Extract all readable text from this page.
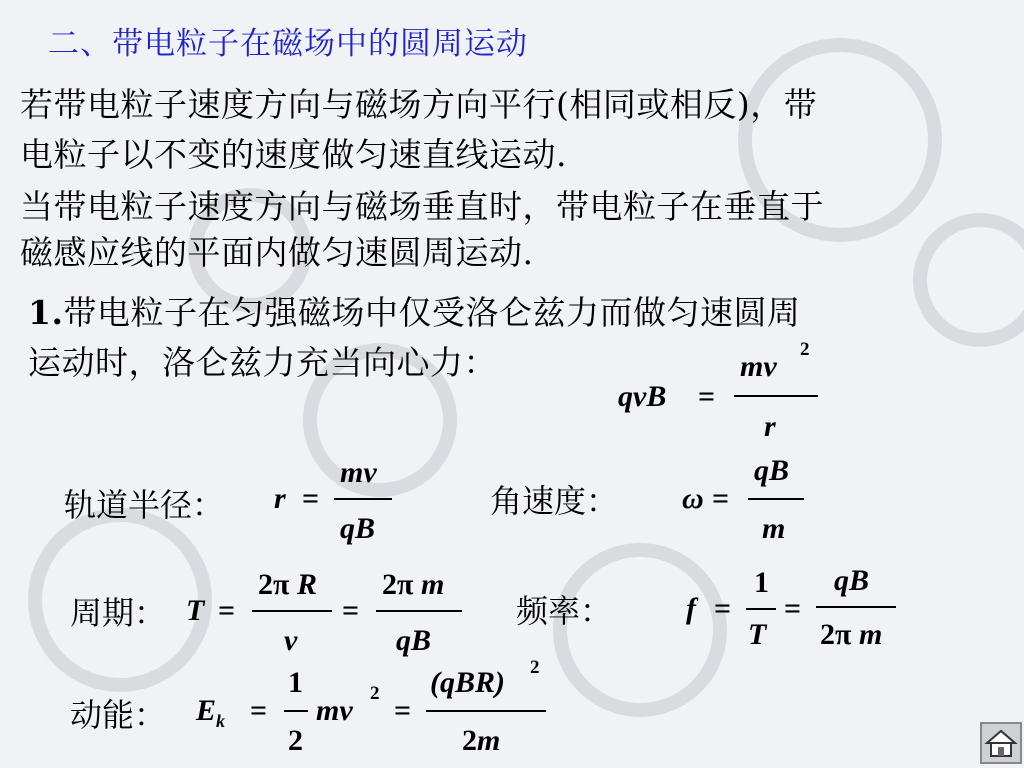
二、带电粒子在磁场中的圆周运动
若带电粒子速度方向与磁场方向平行(相同或相反)，带
电粒子以不变的速度做匀速直线运动.
当带电粒子速度方向与磁场垂直时，带电粒子在垂直于
磁感应线的平面内做匀速圆周运动.
1.带电粒子在匀强磁场中仅受洛仑兹力而做匀速圆周
运动时，洛仑兹力充当向心力：
qvB =
mv
2
r
轨道半径： r =
mv
qB
角速度： ω =
qB
m
周期： T =
2π R
v
=
2π m
qB
频率： f =
1
T
=
qB
2π m
动能： $E_k$ =
1
2
mv
2
=
(qBR) 2
2m
